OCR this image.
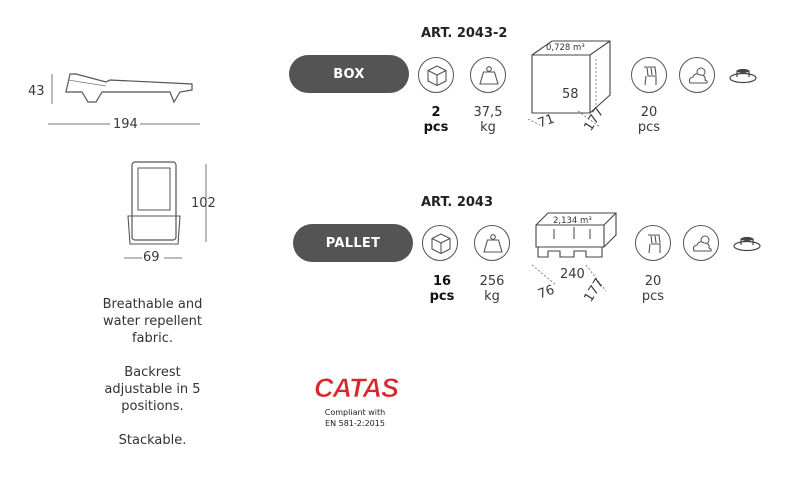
43
194
102
69
Breathable and
water repellent
fabric.
Backrest
adjustable in 5
positions.
Stackable.
CATAS
Compliant with
EN 581-2:2015
ART. 2043-2
BOX
2
pcs
37,5
kg
0,728 m³
58
71 177	20
pcs
ART. 2043
PALLET
16
pcs
256
kg
2,134 m³
240
76 177	20
pcs
